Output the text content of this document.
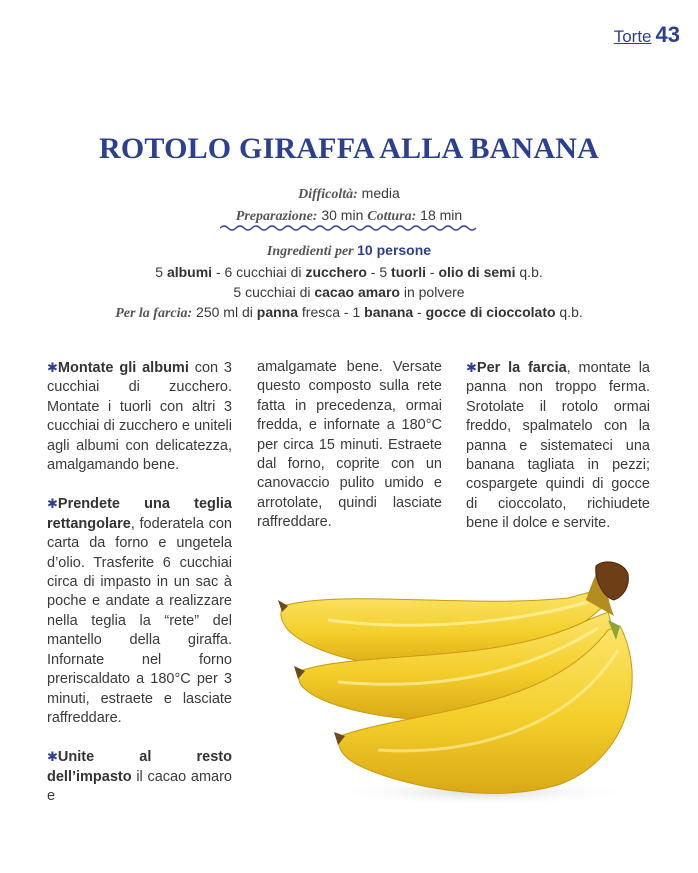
Torte 43
ROTOLO GIRAFFA ALLA BANANA
Difficoltà: media
Preparazione: 30 min Cottura: 18 min
Ingredienti per 10 persone
5 albumi - 6 cucchiai di zucchero - 5 tuorli - olio di semi q.b.
5 cucchiai di cacao amaro in polvere
Per la farcia: 250 ml di panna fresca - 1 banana - gocce di cioccolato q.b.

✱Montate gli albumi con 3 cucchiai di zucchero. Montate i tuorli con altri 3 cucchiai di zucchero e uniteli agli albumi con delicatezza, amalgamando bene.

✱Prendete una teglia rettangolare, foderatela con carta da forno e ungetela d’olio. Trasferite 6 cucchiai circa di impasto in un sac à poche e andate a realizzare nella teglia la “rete” del mantello della giraffa. Infornate nel forno preriscaldato a 180°C per 3 minuti, estraete e lasciate raffreddare.

✱Unite al resto dell’impasto il cacao amaro e

amalgamate bene. Versate questo composto sulla rete fatta in precedenza, ormai fredda, e infornate a 180°C per circa 15 minuti. Estraete dal forno, coprite con un canovaccio pulito umido e arrotolate, quindi lasciate raffreddare.

✱Per la farcia, montate la panna non troppo ferma. Srotolate il rotolo ormai freddo, spalmatelo con la panna e sistemateci una banana tagliata in pezzi; cospargete quindi di gocce di cioccolato, richiudete bene il dolce e servite.
